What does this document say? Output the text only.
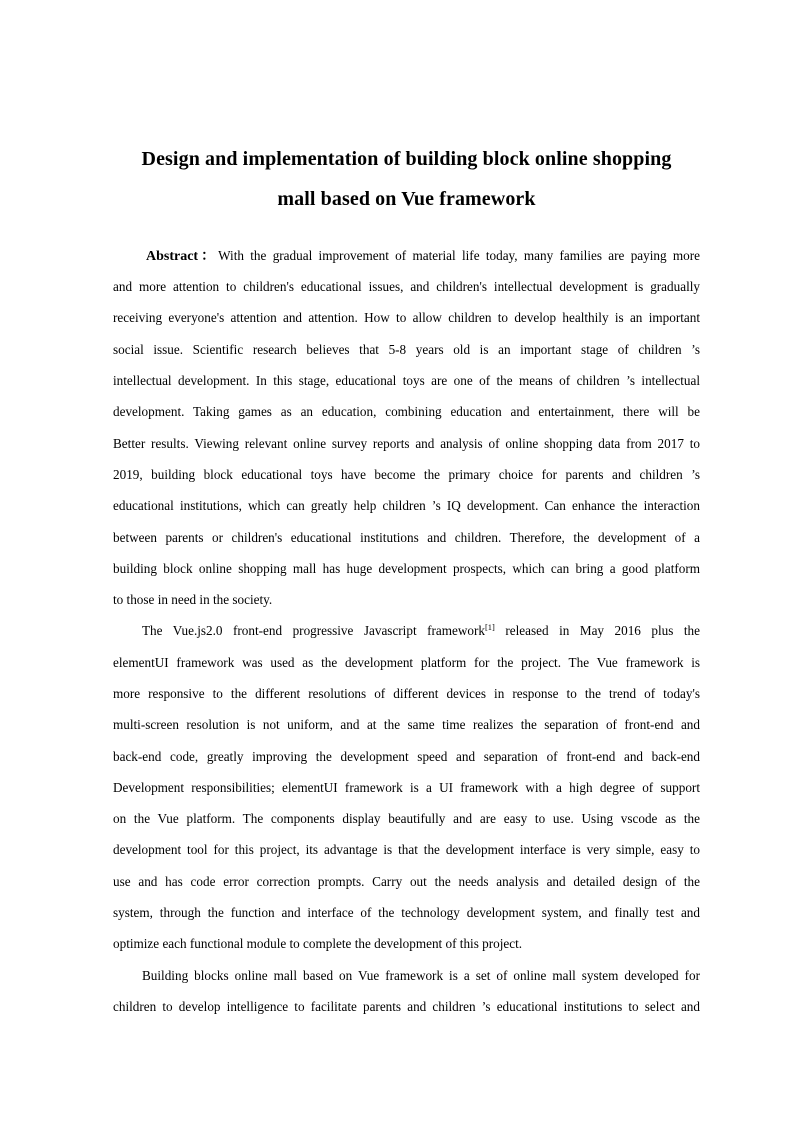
Design and implementation of building block online shopping
mall based on Vue framework
Abstract：With the gradual improvement of material life today, many families are paying more
and more attention to children's educational issues, and children's intellectual development is gradually
receiving everyone's attention and attention. How to allow children to develop healthily is an important
social issue. Scientific research believes that 5-8 years old is an important stage of children ’s
intellectual development. In this stage, educational toys are one of the means of children ’s intellectual
development. Taking games as an education, combining education and entertainment, there will be
Better results. Viewing relevant online survey reports and analysis of online shopping data from 2017 to
2019, building block educational toys have become the primary choice for parents and children ’s
educational institutions, which can greatly help children ’s IQ development. Can enhance the interaction
between parents or children's educational institutions and children. Therefore, the development of a
building block online shopping mall has huge development prospects, which can bring a good platform
to those in need in the society.
The Vue.js2.0 front-end progressive Javascript framework[1] released in May 2016 plus the
elementUI framework was used as the development platform for the project. The Vue framework is
more responsive to the different resolutions of different devices in response to the trend of today's
multi-screen resolution is not uniform, and at the same time realizes the separation of front-end and
back-end code, greatly improving the development speed and separation of front-end and back-end
Development responsibilities; elementUI framework is a UI framework with a high degree of support
on the Vue platform. The components display beautifully and are easy to use. Using vscode as the
development tool for this project, its advantage is that the development interface is very simple, easy to
use and has code error correction prompts. Carry out the needs analysis and detailed design of the
system, through the function and interface of the technology development system, and finally test and
optimize each functional module to complete the development of this project.
Building blocks online mall based on Vue framework is a set of online mall system developed for
children to develop intelligence to facilitate parents and children ’s educational institutions to select and
